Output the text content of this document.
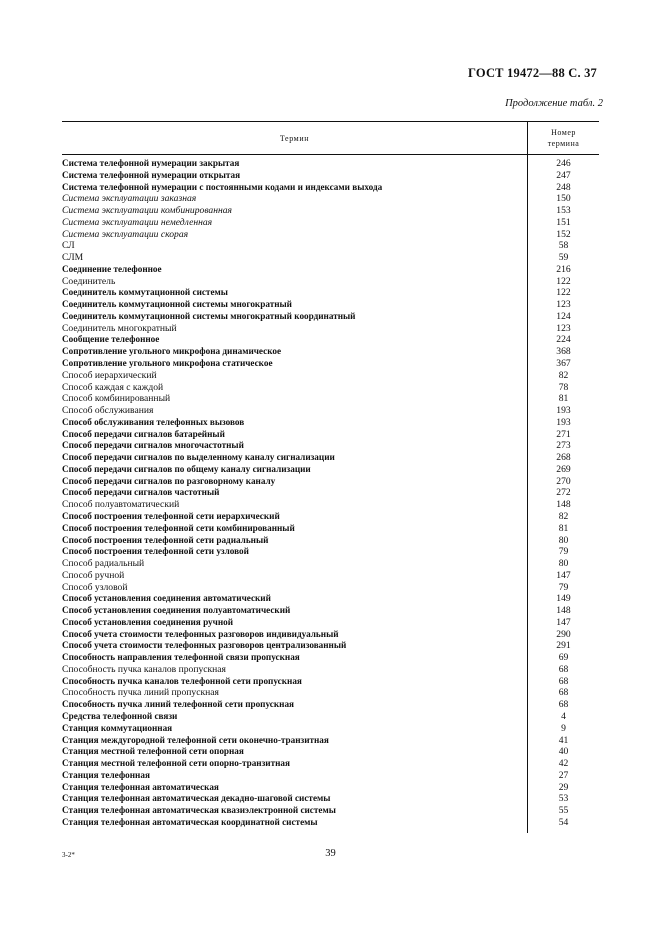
ГОСТ 19472—88 С. 37
Продолжение табл. 2
Термин
Номер
термина
Система телефонной нумерации закрытая	246
Система телефонной нумерации открытая	247
Система телефонной нумерации с постоянными кодами и индексами выхода	248
Система эксплуатации заказная	150
Система эксплуатации комбинированная	153
Система эксплуатации немедленная	151
Система эксплуатации скорая	152
СЛ	58
СЛМ	59
Соединение телефонное	216
Соединитель	122
Соединитель коммутационной системы	122
Соединитель коммутационной системы многократный	123
Соединитель коммутационной системы многократный координатный	124
Соединитель многократный	123
Сообщение телефонное	224
Сопротивление угольного микрофона динамическое	368
Сопротивление угольного микрофона статическое	367
Способ иерархический	82
Способ каждая с каждой	78
Способ комбинированный	81
Способ обслуживания	193
Способ обслуживания телефонных вызовов	193
Способ передачи сигналов батарейный	271
Способ передачи сигналов многочастотный	273
Способ передачи сигналов по выделенному каналу сигнализации	268
Способ передачи сигналов по общему каналу сигнализации	269
Способ передачи сигналов по разговорному каналу	270
Способ передачи сигналов частотный	272
Способ полуавтоматический	148
Способ построения телефонной сети иерархический	82
Способ построения телефонной сети комбинированный	81
Способ построения телефонной сети радиальный	80
Способ построения телефонной сети узловой	79
Способ радиальный	80
Способ ручной	147
Способ узловой	79
Способ установления соединения автоматический	149
Способ установления соединения полуавтоматический	148
Способ установления соединения ручной	147
Способ учета стоимости телефонных разговоров индивидуальный	290
Способ учета стоимости телефонных разговоров централизованный	291
Способность направления телефонной связи пропускная	69
Способность пучка каналов пропускная	68
Способность пучка каналов телефонной сети пропускная	68
Способность пучка линий пропускная	68
Способность пучка линий телефонной сети пропускная	68
Средства телефонной связи	4
Станция коммутационная	9
Станция междугородной телефонной сети оконечно-транзитная	41
Станция местной телефонной сети опорная	40
Станция местной телефонной сети опорно-транзитная	42
Станция телефонная	27
Станция телефонная автоматическая	29
Станция телефонная автоматическая декадно-шаговой системы	53
Станция телефонная автоматическая квазиэлектронной системы	55
Станция телефонная автоматическая координатной системы	54
3-2*	39
